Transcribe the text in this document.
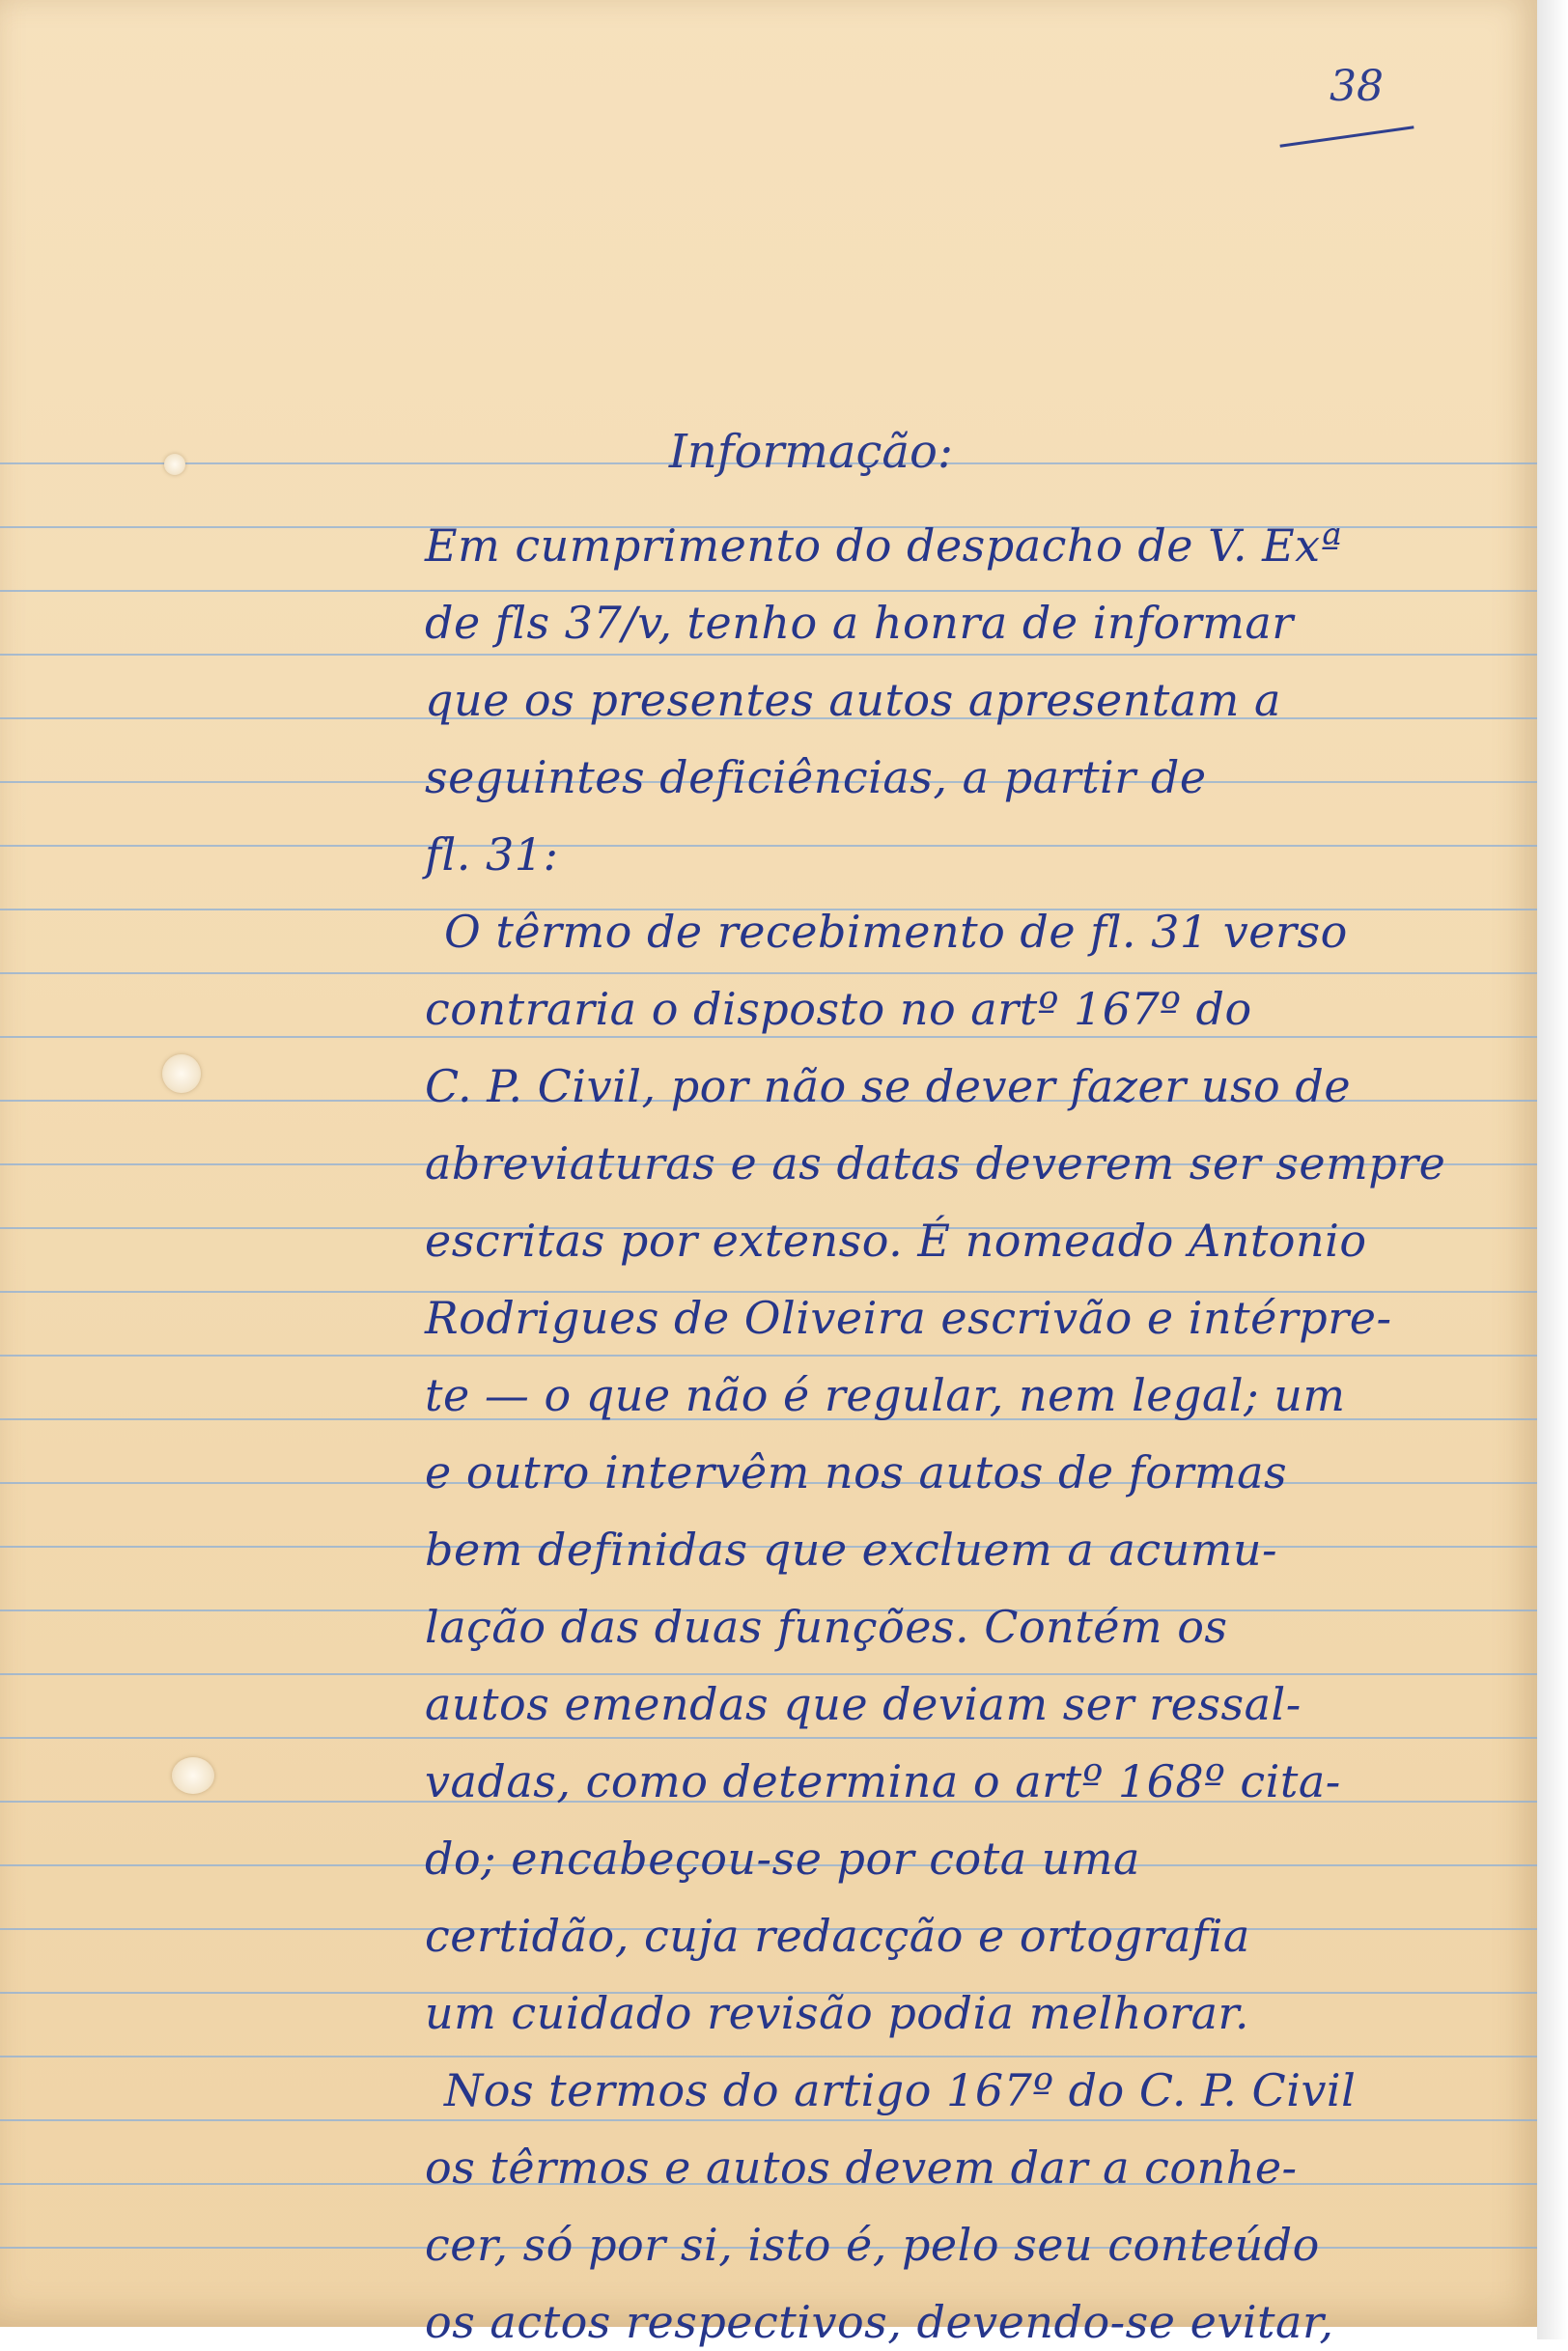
38
Informação:
Em cumprimento do despacho de V. Exª
de fls 37/v, tenho a honra de informar
que os presentes autos apresentam a
seguintes deficiências, a partir de
fl. 31:
O têrmo de recebimento de fl. 31 verso
contraria o disposto no artº 167º do
C. P. Civil, por não se dever fazer uso de
abreviaturas e as datas deverem ser sempre
escritas por extenso. É nomeado Antonio
Rodrigues de Oliveira escrivão e intérpre-
te — o que não é regular, nem legal; um
e outro intervêm nos autos de formas
bem definidas que excluem a acumu-
lação das duas funções. Contém os
autos emendas que deviam ser ressal-
vadas, como determina o artº 168º cita-
do; encabeçou-se por cota uma
certidão, cuja redacção e ortografia
um cuidado revisão podia melhorar.
Nos termos do artigo 167º do C. P. Civil
os têrmos e autos devem dar a conhe-
cer, só por si, isto é, pelo seu conteúdo
os actos respectivos, devendo-se evitar,
